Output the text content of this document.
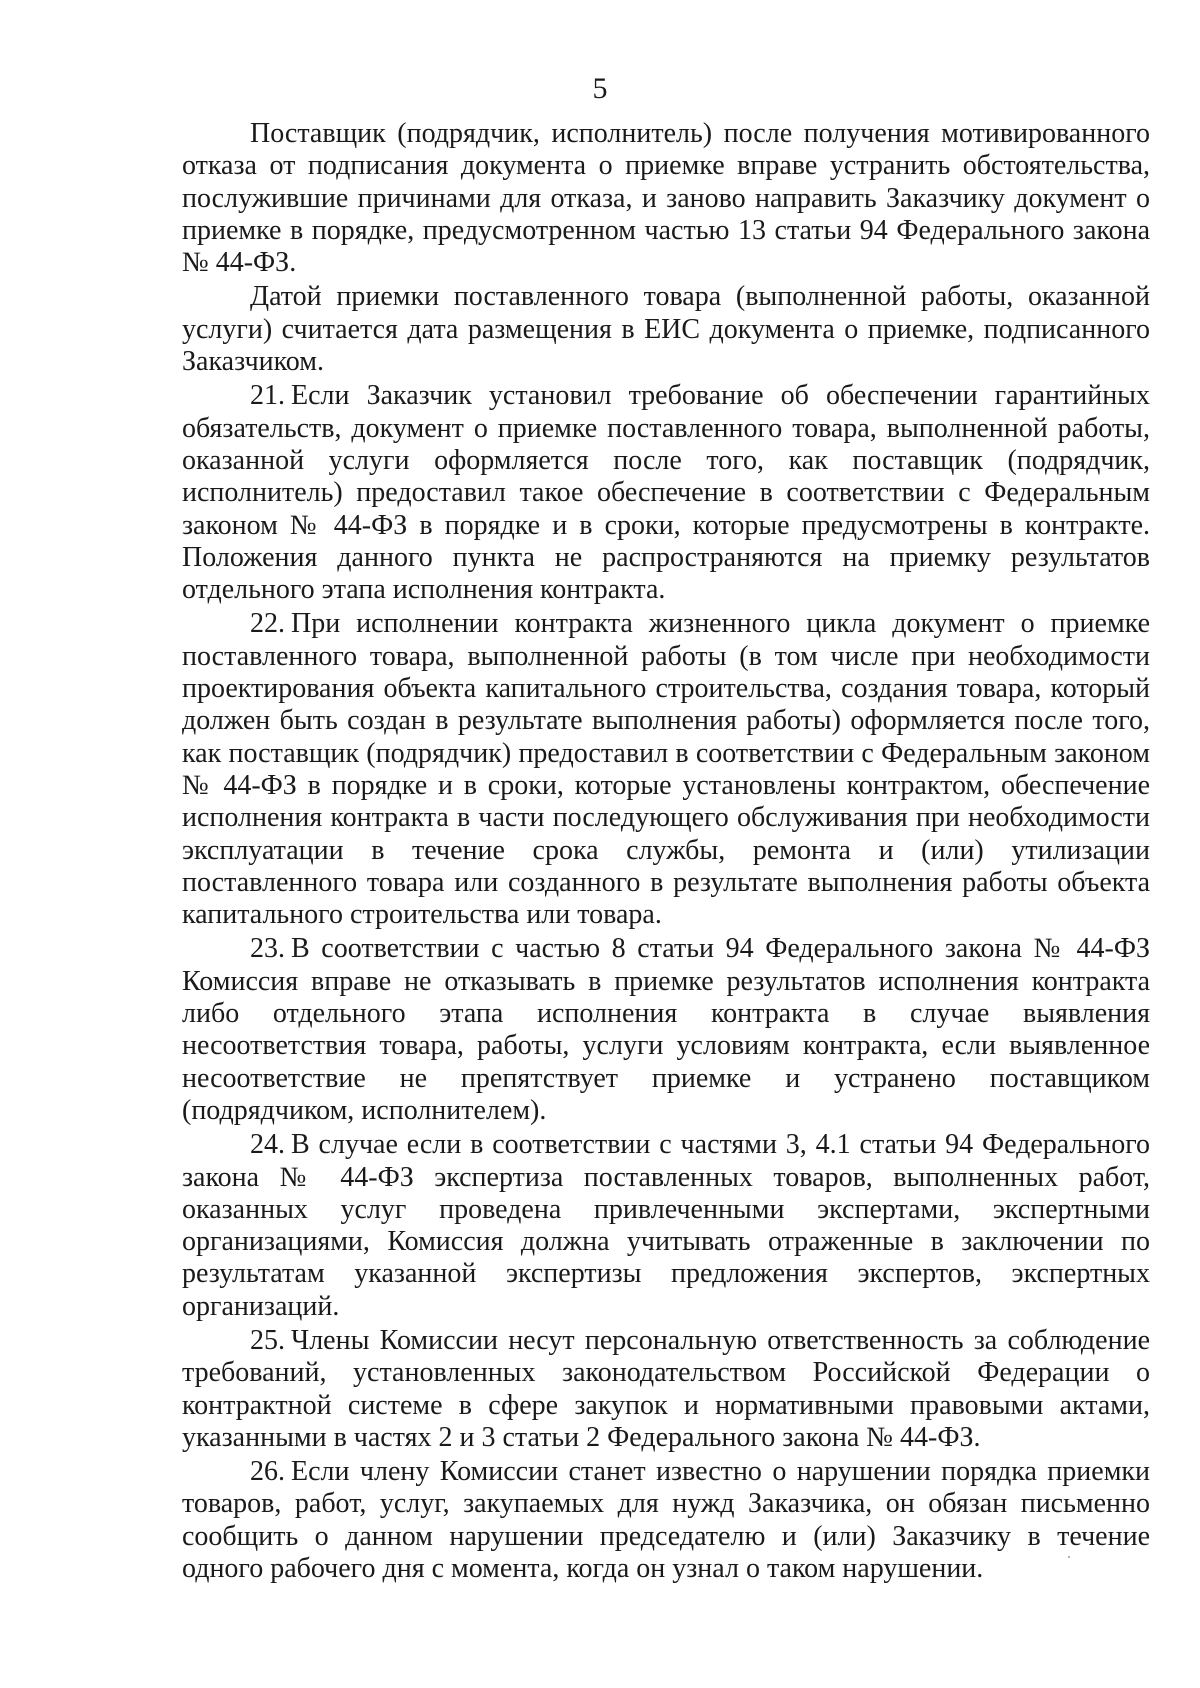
5

Поставщик (подрядчик, исполнитель) после получения мотивированного отказа от подписания документа о приемке вправе устранить обстоятельства, послужившие причинами для отказа, и заново направить Заказчику документ о приемке в порядке, предусмотренном частью 13 статьи 94 Федерального закона № 44-ФЗ.

Датой приемки поставленного товара (выполненной работы, оказанной услуги) считается дата размещения в ЕИС документа о приемке, подписанного Заказчиком.

21. Если Заказчик установил требование об обеспечении гарантийных обязательств, документ о приемке поставленного товара, выполненной работы, оказанной услуги оформляется после того, как поставщик (подрядчик, исполнитель) предоставил такое обеспечение в соответствии с Федеральным законом № 44-ФЗ в порядке и в сроки, которые предусмотрены в контракте. Положения данного пункта не распространяются на приемку результатов отдельного этапа исполнения контракта.

22. При исполнении контракта жизненного цикла документ о приемке поставленного товара, выполненной работы (в том числе при необходимости проектирования объекта капитального строительства, создания товара, который должен быть создан в результате выполнения работы) оформляется после того, как поставщик (подрядчик) предоставил в соответствии с Федеральным законом № 44-ФЗ в порядке и в сроки, которые установлены контрактом, обеспечение исполнения контракта в части последующего обслуживания при необходимости эксплуатации в течение срока службы, ремонта и (или) утилизации поставленного товара или созданного в результате выполнения работы объекта капитального строительства или товара.

23. В соответствии с частью 8 статьи 94 Федерального закона № 44-ФЗ Комиссия вправе не отказывать в приемке результатов исполнения контракта либо отдельного этапа исполнения контракта в случае выявления несоответствия товара, работы, услуги условиям контракта, если выявленное несоответствие не препятствует приемке и устранено поставщиком (подрядчиком, исполнителем).

24. В случае если в соответствии с частями 3, 4.1 статьи 94 Федерального закона № 44-ФЗ экспертиза поставленных товаров, выполненных работ, оказанных услуг проведена привлеченными экспертами, экспертными организациями, Комиссия должна учитывать отраженные в заключении по результатам указанной экспертизы предложения экспертов, экспертных организаций.

25. Члены Комиссии несут персональную ответственность за соблюдение требований, установленных законодательством Российской Федерации о контрактной системе в сфере закупок и нормативными правовыми актами, указанными в частях 2 и 3 статьи 2 Федерального закона № 44-ФЗ.

26. Если члену Комиссии станет известно о нарушении порядка приемки товаров, работ, услуг, закупаемых для нужд Заказчика, он обязан письменно сообщить о данном нарушении председателю и (или) Заказчику в течение одного рабочего дня с момента, когда он узнал о таком нарушении.
